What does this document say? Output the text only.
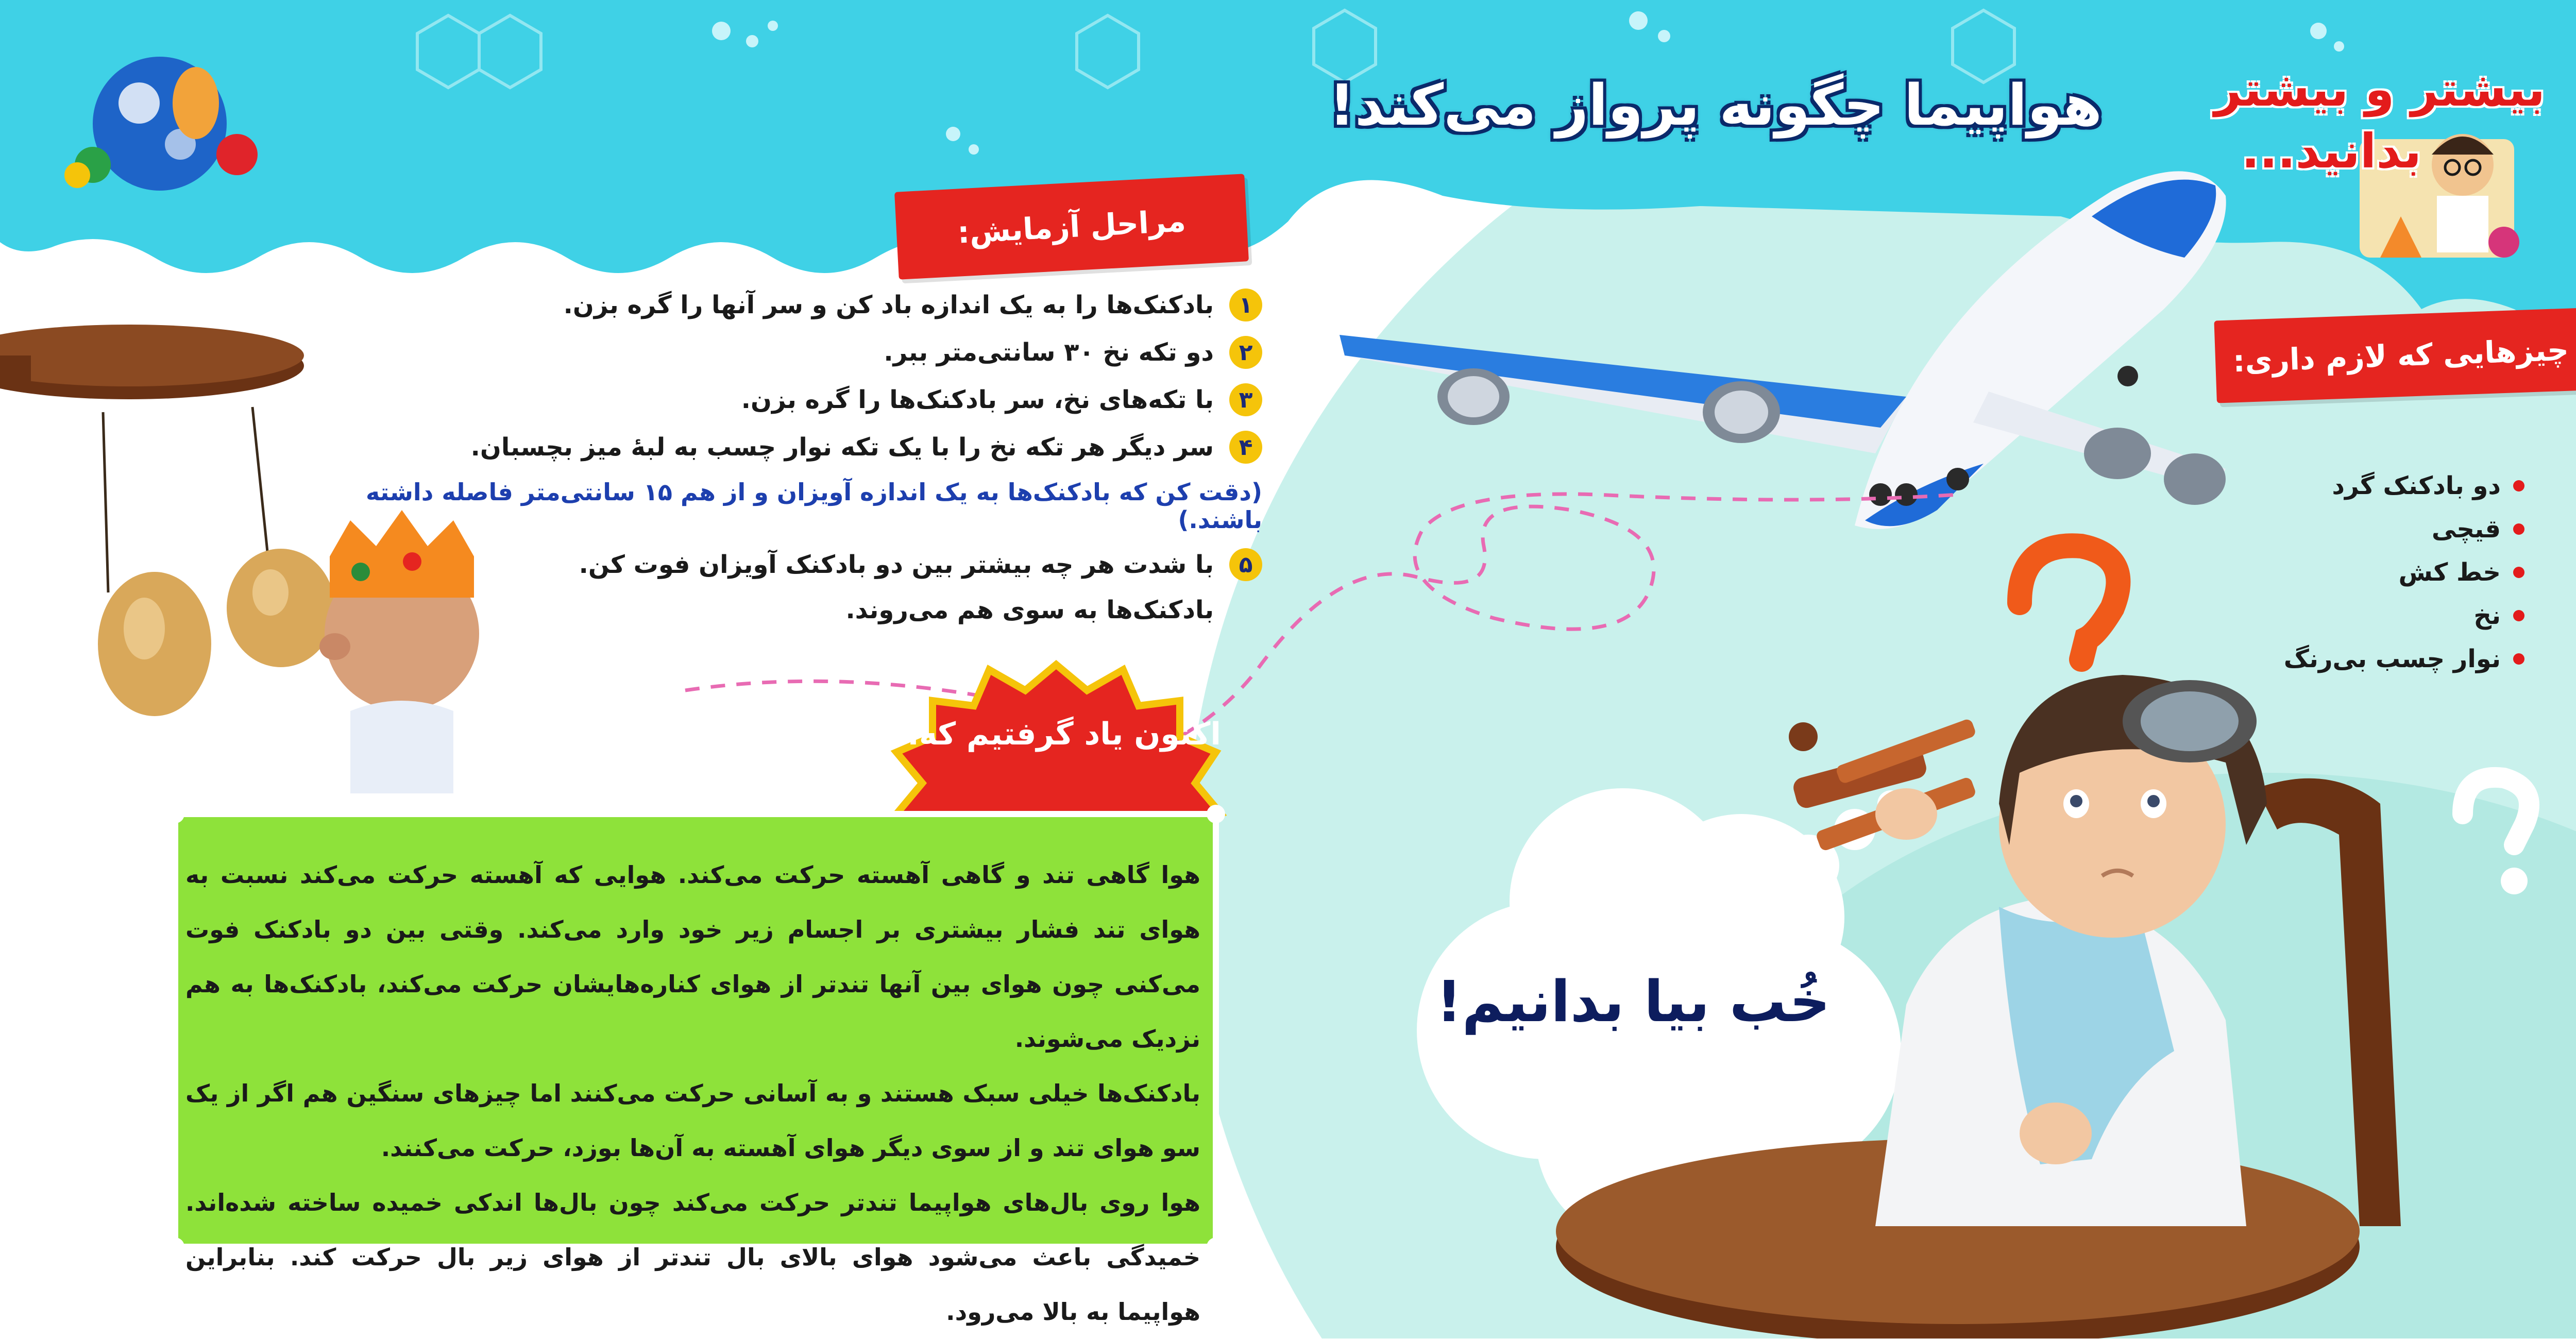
هواپیما چگونه پرواز می‌کند! بیشتر و بیشتر
بدانید...
مراحل آزمایش:
۱
بادکنک‌ها را به یک اندازه باد کن و سر آنها را گره بزن.
۲
دو تکه نخ ۳۰ سانتی‌متر ببر.
۳
با تکه‌های نخ، سر بادکنک‌ها را گره بزن.
۴
سر دیگر هر تکه نخ را با یک تکه نوار چسب به لبهٔ میز بچسبان.
(دقت کن که بادکنک‌ها به یک اندازه آویزان و از هم ۱۵ سانتی‌متر فاصله داشته باشند.)
۵
با شدت هر چه بیشتر بین دو بادکنک آویزان فوت کن.
بادکنک‌ها به سوی هم می‌روند.
چیزهایی که لازم داری:
دو بادکنک گرد
قیچی
خط کش
نخ
نوار چسب بی‌رنگ
اکنون یاد گرفتیم که...

هوا گاهی تند و گاهی آهسته حرکت می‌کند. هوایی که آهسته حرکت می‌کند نسبت به هوای تند فشار بیشتری بر اجسام زیر خود وارد می‌کند. وقتی بین دو بادکنک فوت می‌کنی چون هوای بین آنها تندتر از هوای کناره‌هایشان حرکت می‌کند، بادکنک‌ها به هم نزدیک می‌شوند.

بادکنک‌ها خیلی سبک هستند و به آسانی حرکت می‌کنند اما چیزهای سنگین هم اگر از یک سو هوای تند و از سوی دیگر هوای آهسته به آن‌ها بوزد، حرکت می‌کنند.

هوا روی بال‌های هواپیما تندتر حرکت می‌کند چون بال‌ها اندکی خمیده ساخته شده‌اند. خمیدگی باعث می‌شود هوای بالای بال تندتر از هوای زیر بال حرکت کند. بنابراین هواپیما به بالا می‌رود.

خُب بیا بدانیم!
